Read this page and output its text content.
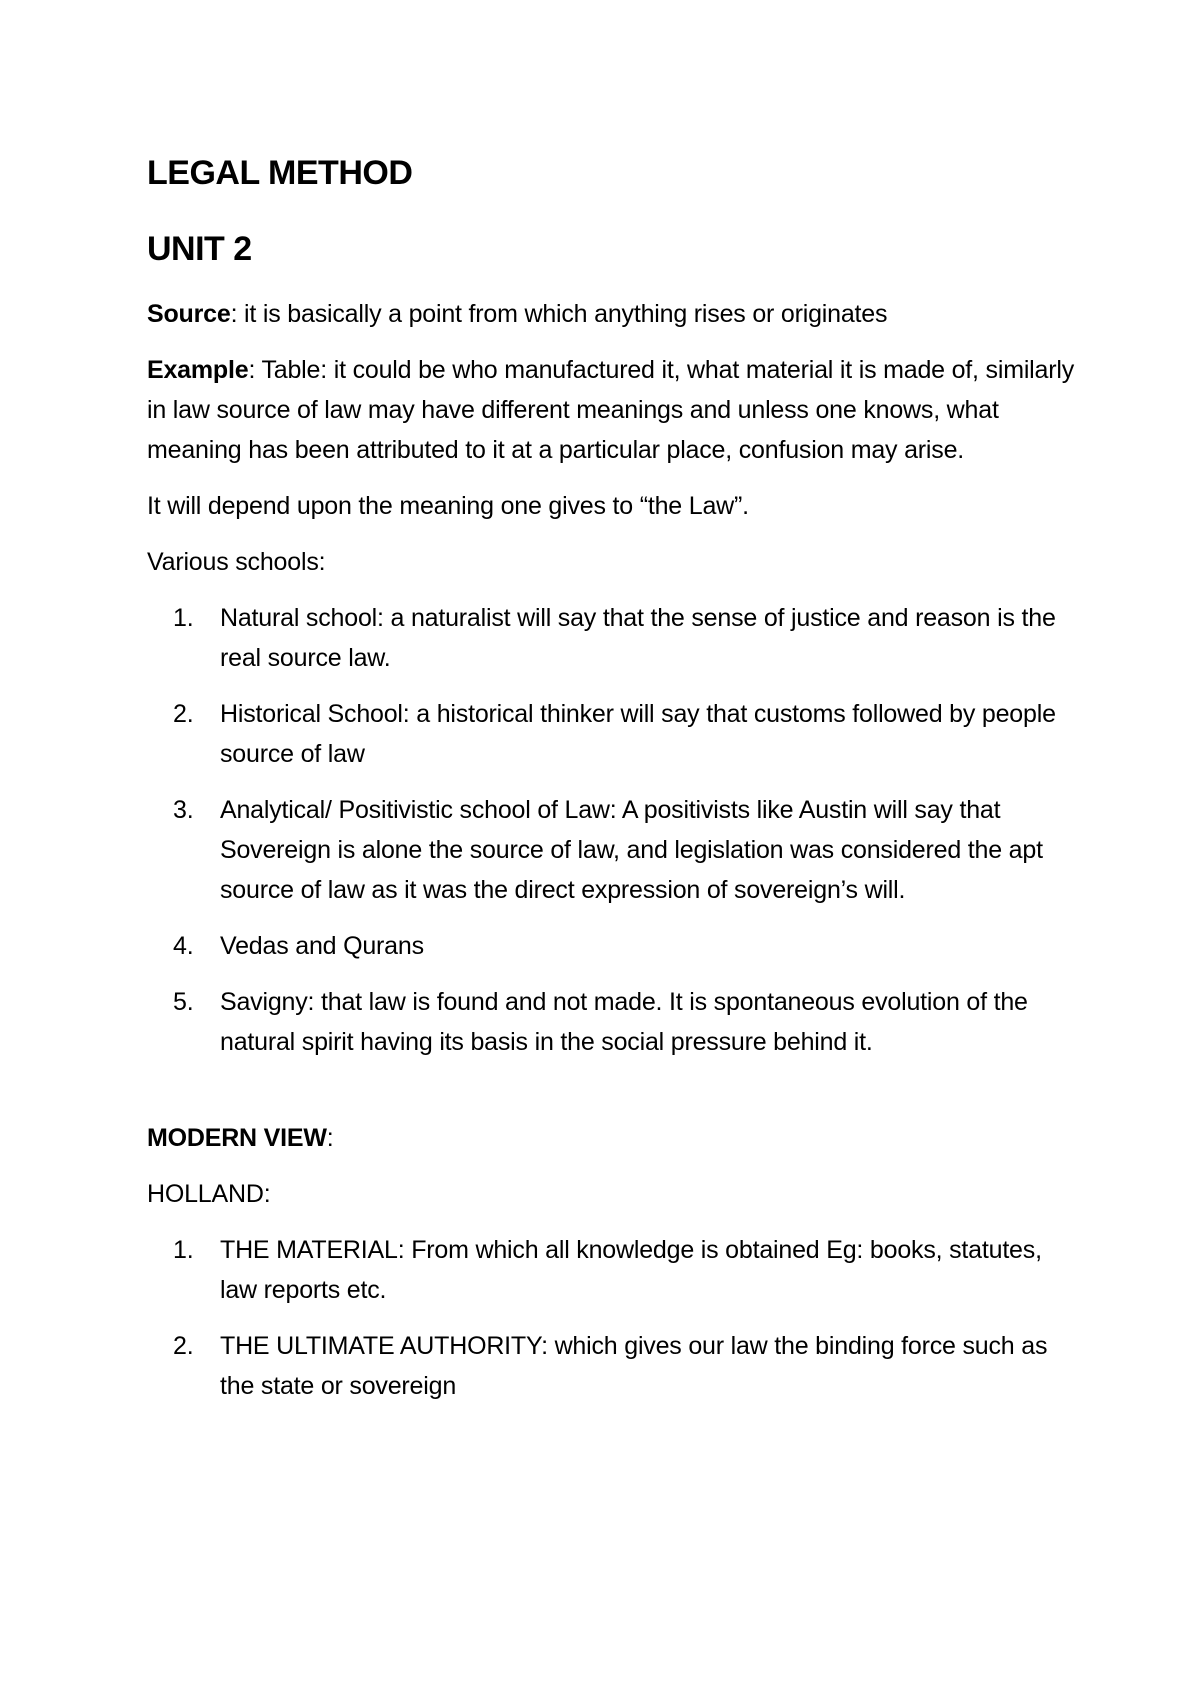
LEGAL METHOD
UNIT 2

Source: it is basically a point from which anything rises or originates

Example: Table: it could be who manufactured it, what material it is made of, similarly in law source of law may have different meanings and unless one knows, what meaning has been attributed to it at a particular place, confusion may arise.

It will depend upon the meaning one gives to “the Law”.

Various schools:

1. Natural school: a naturalist will say that the sense of justice and reason is the real source law.
2. Historical School: a historical thinker will say that customs followed by people source of law
3. Analytical/ Positivistic school of Law: A positivists like Austin will say that Sovereign is alone the source of law, and legislation was considered the apt source of law as it was the direct expression of sovereign’s will.
4. Vedas and Qurans
5. Savigny: that law is found and not made. It is spontaneous evolution of the natural spirit having its basis in the social pressure behind it.

MODERN VIEW:

HOLLAND:

1. THE MATERIAL: From which all knowledge is obtained Eg: books, statutes, law reports etc.
2. THE ULTIMATE AUTHORITY: which gives our law the binding force such as the state or sovereign
